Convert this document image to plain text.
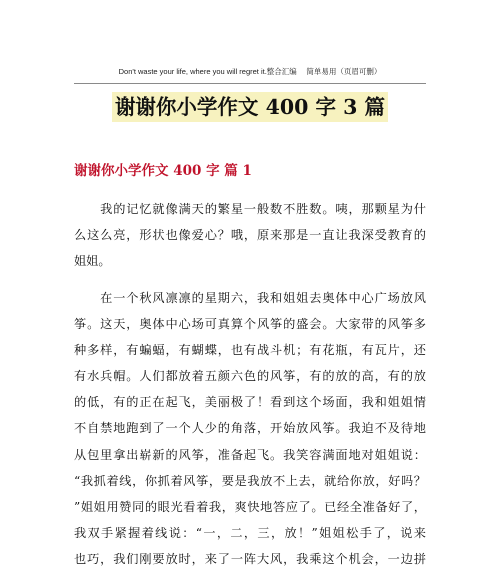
Don't waste your life, where you will regret it.整合汇编　 简单易用（页眉可删）
谢谢你小学作文 400 字 3 篇
谢谢你小学作文 400 字 篇 1
　　我的记忆就像满天的繁星一般数不胜数。咦，那颗星为什
么这么亮，形状也像爱心？哦，原来那是一直让我深受教育的
姐姐。
　　在一个秋风凛凛的星期六，我和姐姐去奥体中心广场放风
筝。这天，奥体中心场可真算个风筝的盛会。大家带的风筝多
种多样，有蝙蝠，有蝴蝶，也有战斗机；有花瓶，有瓦片，还
有水兵帽。人们都放着五颜六色的风筝，有的放的高，有的放
的低，有的正在起飞，美丽极了！看到这个场面，我和姐姐情
不自禁地跑到了一个人少的角落，开始放风筝。我迫不及待地
从包里拿出崭新的风筝，准备起飞。我笑容满面地对姐姐说：
“我抓着线，你抓着风筝，要是我放不上去，就给你放，好吗？
”姐姐用赞同的眼光看着我，爽快地答应了。已经全准备好了，
我双手紧握着线说：“一，二，三，放！”姐姐松手了，说来
也巧，我们刚要放时，来了一阵大风，我乘这个机会，一边拼
